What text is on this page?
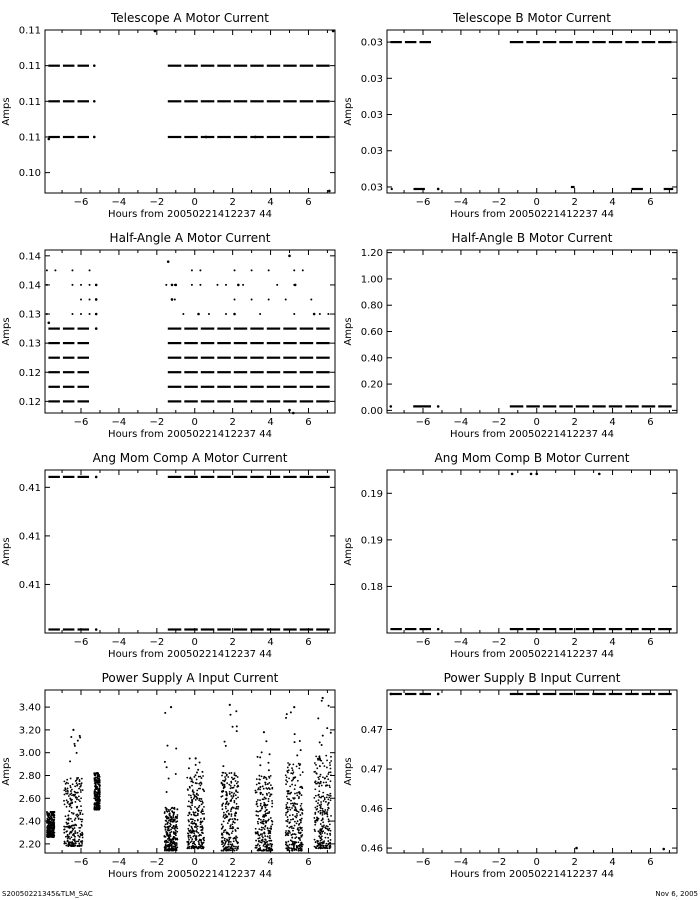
Telescope A Motor Current
Hours from 20050221412237 44
Amps
−6 −4 −2	0	2	4	6
0.10
0.11
0.11
0.11
0.11
Telescope B Motor Current
Hours from 20050221412237 44
Amps
−6 −4 −2	0	2	4	6
0.03
0.03
0.03
0.03
0.03
Half-Angle A Motor Current
Hours from 20050221412237 44
Amps
−6 −4 −2	0	2	4	6
0.12
0.12
0.13
0.13
0.14
0.14
Half-Angle B Motor Current
Hours from 20050221412237 44
Amps
−6 −4 −2	0	2	4	6
0.00
0.20
0.40
0.60
0.80
1.00
1.20
Ang Mom Comp A Motor Current
Hours from 20050221412237 44
Amps
−6 −4 −2	0	2	4	6
0.41
0.41
0.41
Ang Mom Comp B Motor Current
Hours from 20050221412237 44
Amps
−6 −4 −2	0	2	4	6
0.18
0.19
0.19
Power Supply A Input Current
Hours from 20050221412237 44
Amps
−6 −4 −2	0	2	4	6
2.20
2.40
2.60
2.80
3.00
3.20
3.40
Power Supply B Input Current
Hours from 20050221412237 44
Amps
−6 −4 −2	0	2	4	6
0.46
0.46
0.47
0.47
S20050221345&TLM_SAC	Nov 6, 2005
